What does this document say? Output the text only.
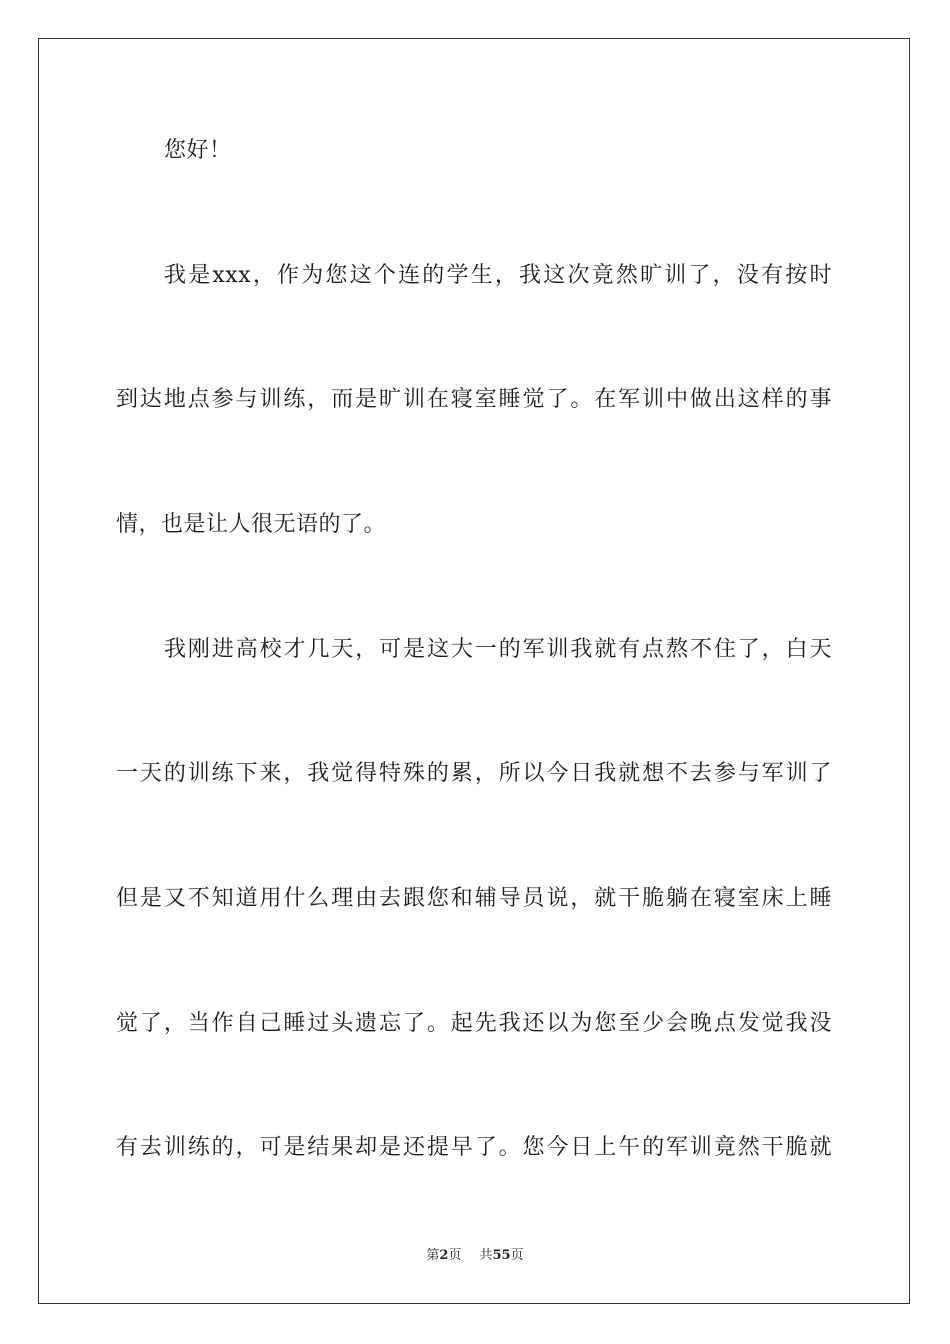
您好！
我是xxx，作为您这个连的学生，我这次竟然旷训了，没有按时
到达地点参与训练，而是旷训在寝室睡觉了。在军训中做出这样的事
情，也是让人很无语的了。
我刚进高校才几天，可是这大一的军训我就有点熬不住了，白天
一天的训练下来，我觉得特殊的累，所以今日我就想不去参与军训了
但是又不知道用什么理由去跟您和辅导员说，就干脆躺在寝室床上睡
觉了，当作自己睡过头遗忘了。起先我还以为您至少会晚点发觉我没
有去训练的，可是结果却是还提早了。您今日上午的军训竟然干脆就
第2页 共55页
